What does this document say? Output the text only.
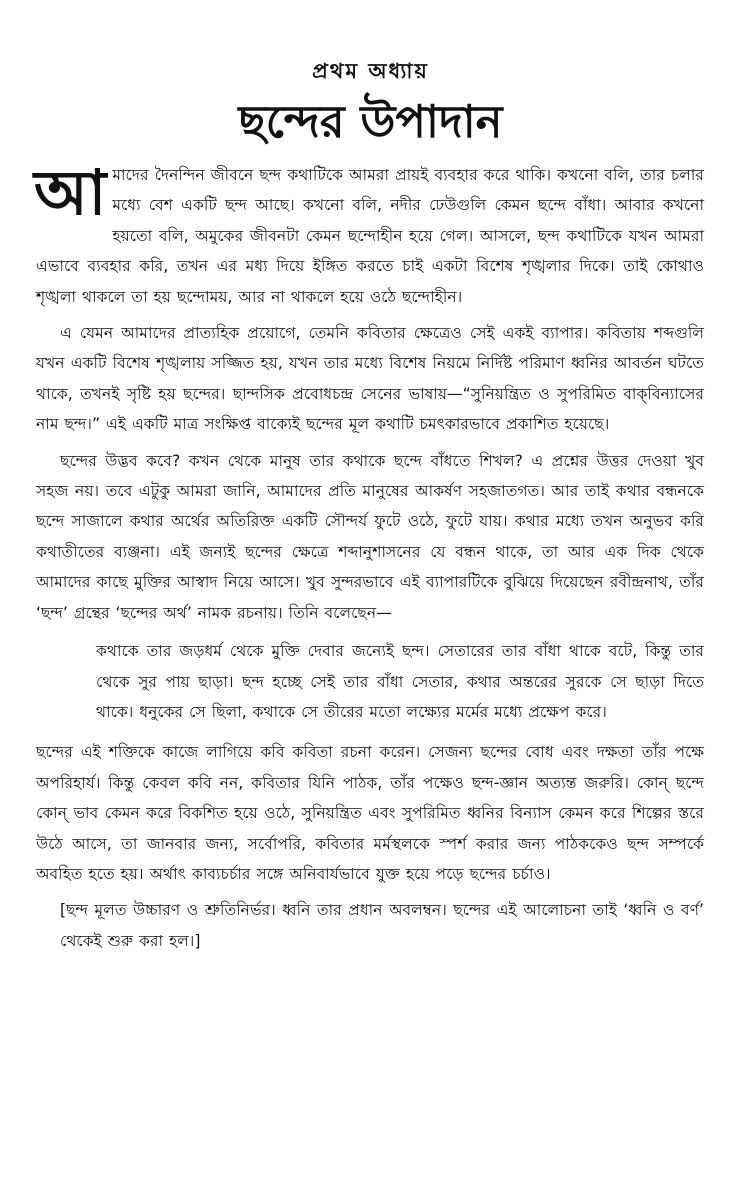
প্রথম অধ্যায়
ছন্দের উপাদান

আমাদের দৈনন্দিন জীবনে ছন্দ কথাটিকে আমরা প্রায়ই ব্যবহার করে থাকি। কখনো বলি, তার চলার মধ্যে বেশ একটি ছন্দ আছে। কখনো বলি, নদীর ঢেউগুলি কেমন ছন্দে বাঁধা। আবার কখনো হয়তো বলি, অমুকের জীবনটা কেমন ছন্দোহীন হয়ে গেল। আসলে, ছন্দ কথাটিকে যখন আমরা এভাবে ব্যবহার করি, তখন এর মধ্য দিয়ে ইঙ্গিত করতে চাই একটা বিশেষ শৃঙ্খলার দিকে। তাই কোথাও শৃঙ্খলা থাকলে তা হয় ছন্দোময়, আর না থাকলে হয়ে ওঠে ছন্দোহীন।

এ যেমন আমাদের প্রাত্যহিক প্রয়োগে, তেমনি কবিতার ক্ষেত্রেও সেই একই ব্যাপার। কবিতায় শব্দগুলি যখন একটি বিশেষ শৃঙ্খলায় সজ্জিত হয়, যখন তার মধ্যে বিশেষ নিয়মে নির্দিষ্ট পরিমাণ ধ্বনির আবর্তন ঘটতে থাকে, তখনই সৃষ্টি হয় ছন্দের। ছান্দসিক প্রবোধচন্দ্র সেনের ভাষায়—“সুনিয়ন্ত্রিত ও সুপরিমিত বাক্‌বিন্যাসের নাম ছন্দ।” এই একটি মাত্র সংক্ষিপ্ত বাক্যেই ছন্দের মূল কথাটি চমৎকারভাবে প্রকাশিত হয়েছে।

ছন্দের উদ্ভব কবে? কখন থেকে মানুষ তার কথাকে ছন্দে বাঁধতে শিখল? এ প্রশ্নের উত্তর দেওয়া খুব সহজ নয়। তবে এটুকু আমরা জানি, আমাদের প্রতি মানুষের আকর্ষণ সহজাতগত। আর তাই কথার বন্ধনকে ছন্দে সাজালে কথার অর্থের অতিরিক্ত একটি সৌন্দর্য ফুটে ওঠে, ফুটে যায়। কথার মধ্যে তখন অনুভব করি কথাতীতের ব্যঞ্জনা। এই জন্যই ছন্দের ক্ষেত্রে শব্দানুশাসনের যে বন্ধন থাকে, তা আর এক দিক থেকে আমাদের কাছে মুক্তির আস্বাদ নিয়ে আসে। খুব সুন্দরভাবে এই ব্যাপারটিকে বুঝিয়ে দিয়েছেন রবীন্দ্রনাথ, তাঁর ‘ছন্দ’ গ্রন্থের ‘ছন্দের অর্থ’ নামক রচনায়। তিনি বলেছেন—

কথাকে তার জড়ধর্ম থেকে মুক্তি দেবার জন্যেই ছন্দ। সেতারের তার বাঁধা থাকে বটে, কিন্তু তার থেকে সুর পায় ছাড়া। ছন্দ হচ্ছে সেই তার বাঁধা সেতার, কথার অন্তরের সুরকে সে ছাড়া দিতে থাকে। ধনুকের সে ছিলা, কথাকে সে তীরের মতো লক্ষ্যের মর্মের মধ্যে প্রক্ষেপ করে।

ছন্দের এই শক্তিকে কাজে লাগিয়ে কবি কবিতা রচনা করেন। সেজন্য ছন্দের বোধ এবং দক্ষতা তাঁর পক্ষে অপরিহার্য। কিন্তু কেবল কবি নন, কবিতার যিনি পাঠক, তাঁর পক্ষেও ছন্দ-জ্ঞান অত্যন্ত জরুরি। কোন্ ছন্দে কোন্ ভাব কেমন করে বিকশিত হয়ে ওঠে, সুনিয়ন্ত্রিত এবং সুপরিমিত ধ্বনির বিন্যাস কেমন করে শিল্পের স্তরে উঠে আসে, তা জানবার জন্য, সর্বোপরি, কবিতার মর্মস্থলকে স্পর্শ করার জন্য পাঠককেও ছন্দ সম্পর্কে অবহিত হতে হয়। অর্থাৎ কাব্যচর্চার সঙ্গে অনিবার্যভাবে যুক্ত হয়ে পড়ে ছন্দের চর্চাও।

[ছন্দ মূলত উচ্চারণ ও শ্রুতিনির্ভর। ধ্বনি তার প্রধান অবলম্বন। ছন্দের এই আলোচনা তাই ‘ধ্বনি ও বর্ণ’ থেকেই শুরু করা হল।]
